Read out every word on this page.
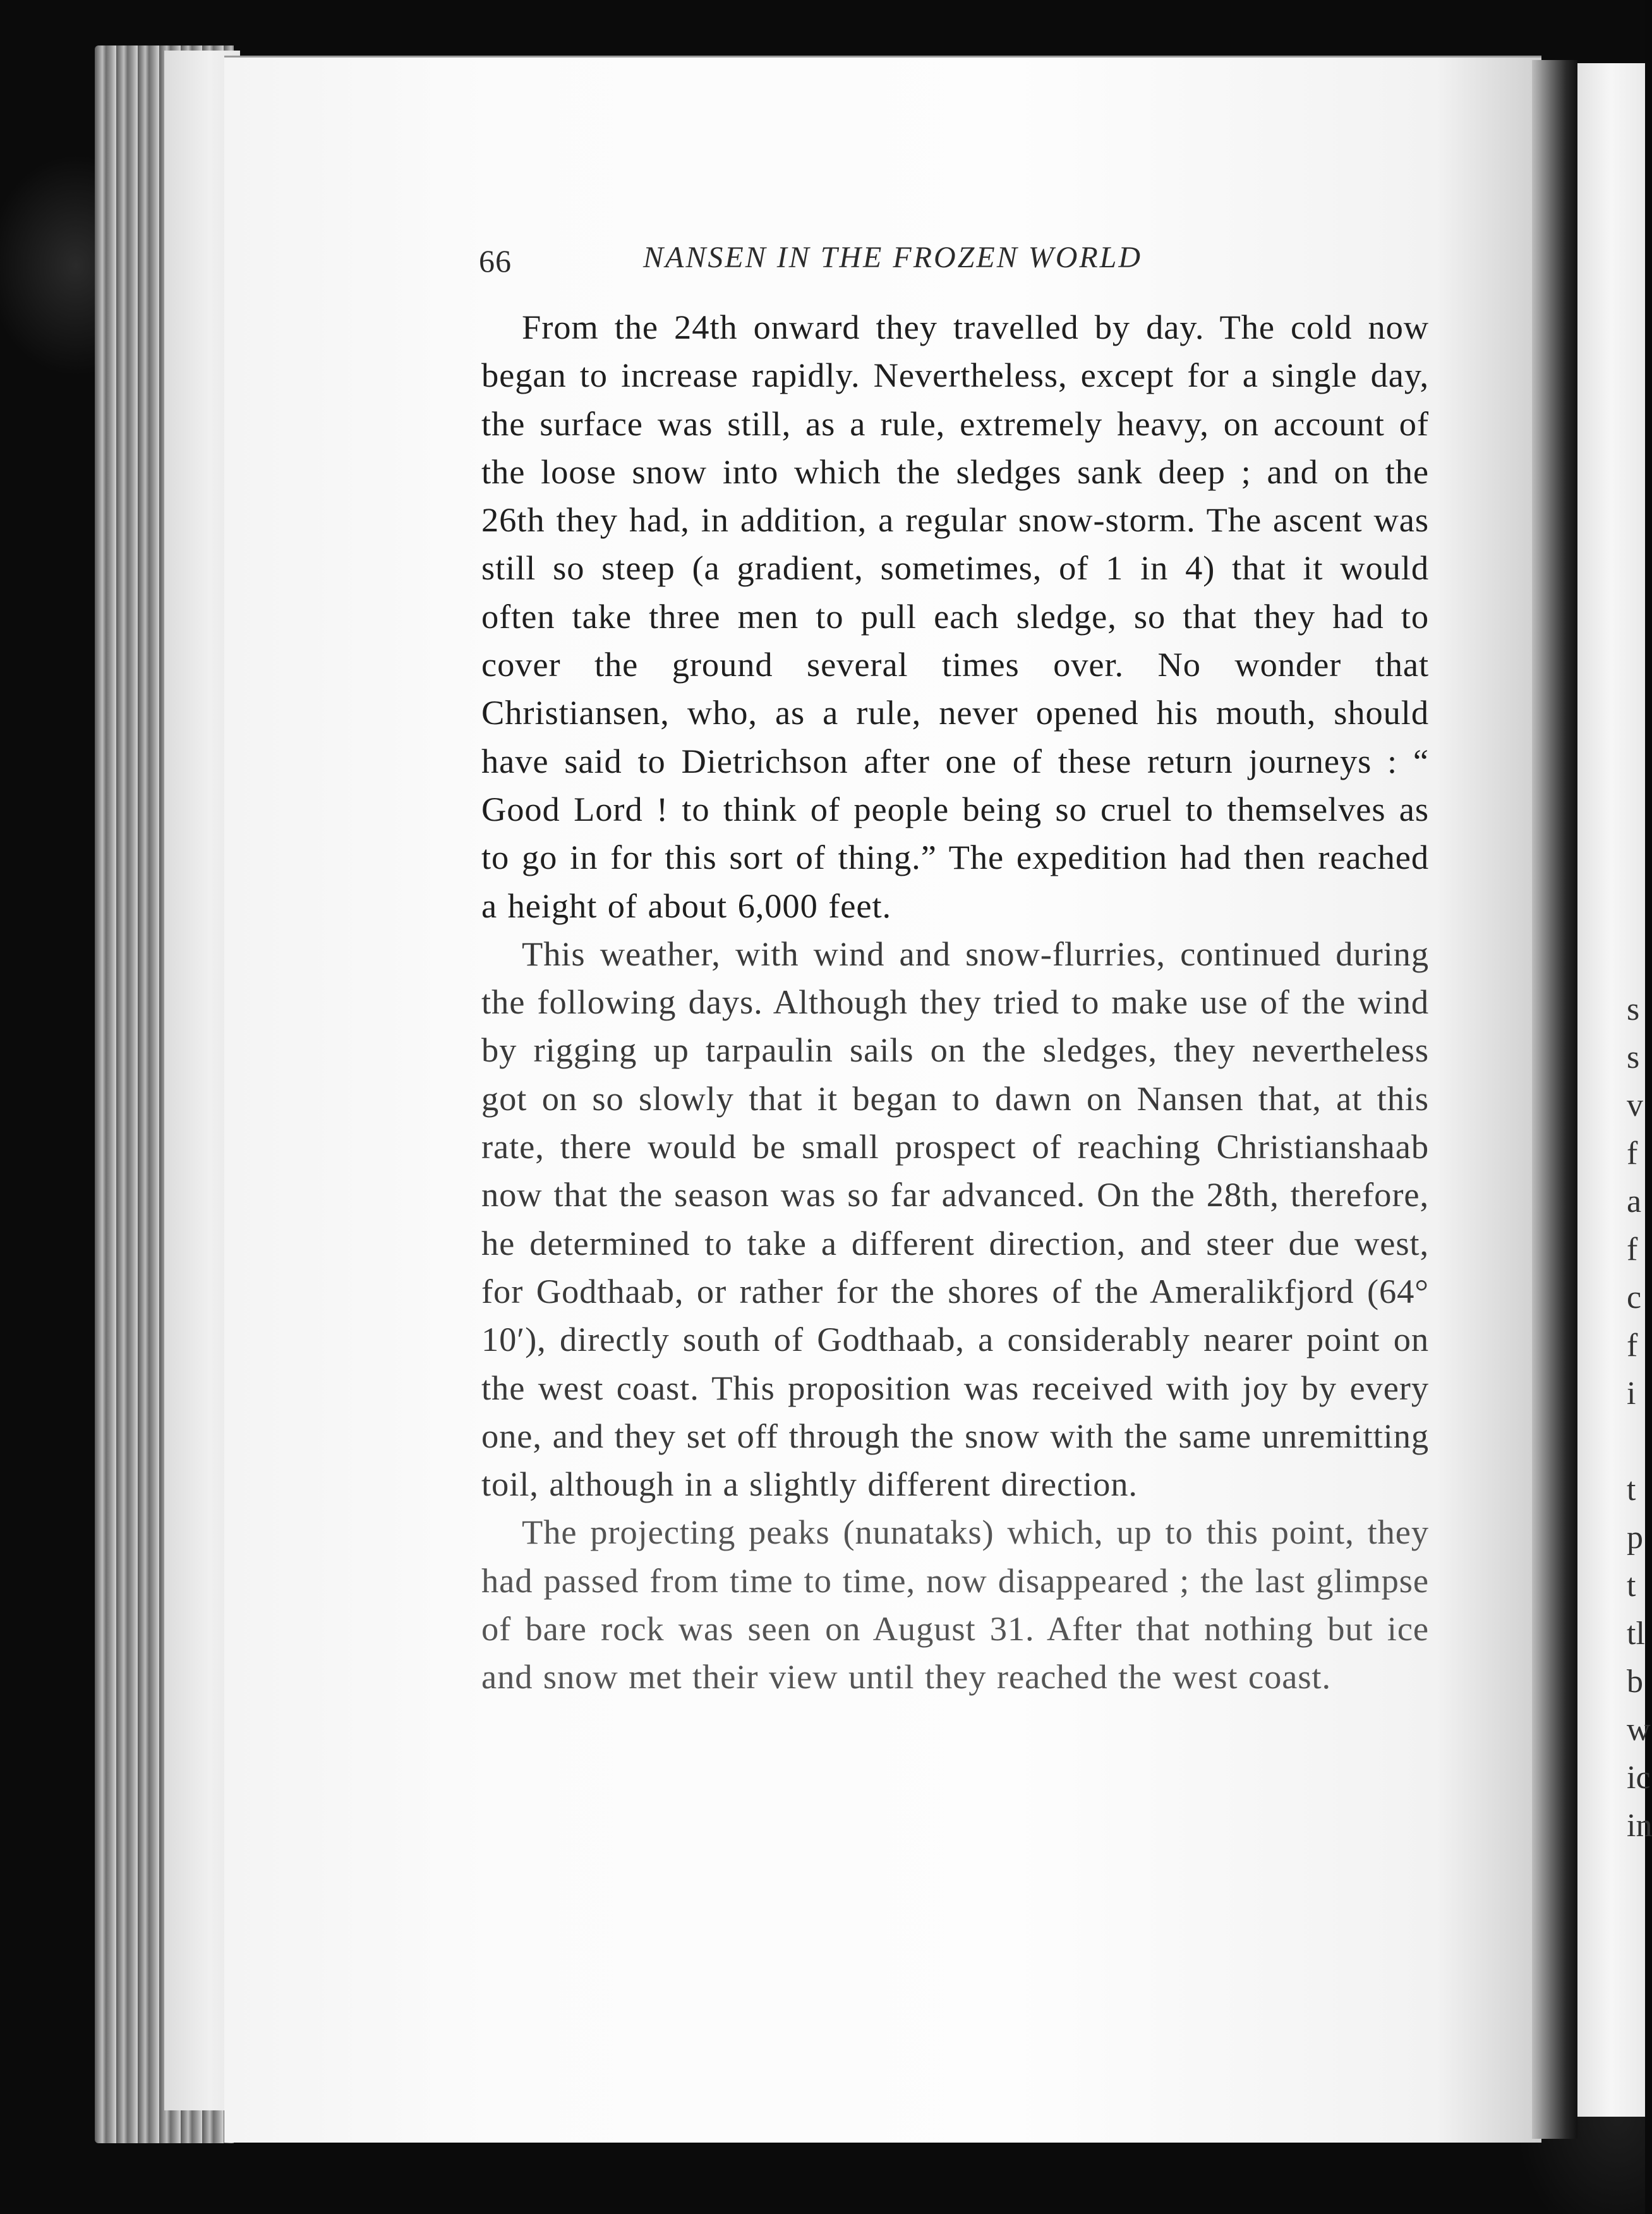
s
s
v
f
a
f
c
f
i
t
p
t
tl
b
w
ic
in
66	NANSEN IN THE FROZEN WORLD

From the 24th onward they travelled by day. The cold now began to increase rapidly. Nevertheless, except for a single day, the surface was still, as a rule, extremely heavy, on account of the loose snow into which the sledges sank deep ; and on the 26th they had, in addition, a regular snow-storm. The ascent was still so steep (a gradient, sometimes, of 1 in 4) that it would often take three men to pull each sledge, so that they had to cover the ground several times over. No wonder that Christiansen, who, as a rule, never opened his mouth, should have said to Dietrichson after one of these return journeys : “ Good Lord ! to think of people being so cruel to themselves as to go in for this sort of thing.” The expedition had then reached a height of about 6,000 feet.

This weather, with wind and snow-flurries, continued during the following days. Although they tried to make use of the wind by rigging up tarpaulin sails on the sledges, they nevertheless got on so slowly that it began to dawn on Nansen that, at this rate, there would be small prospect of reaching Christianshaab now that the season was so far advanced. On the 28th, therefore, he determined to take a different direction, and steer due west, for Godthaab, or rather for the shores of the Ameralikfjord (64° 10′), directly south of Godthaab, a considerably nearer point on the west coast. This proposition was received with joy by every one, and they set off through the snow with the same unremitting toil, although in a slightly different direction.

The projecting peaks (nunataks) which, up to this point, they had passed from time to time, now disappeared ; the last glimpse of bare rock was seen on August 31. After that nothing but ice and snow met their view until they reached the west coast.
